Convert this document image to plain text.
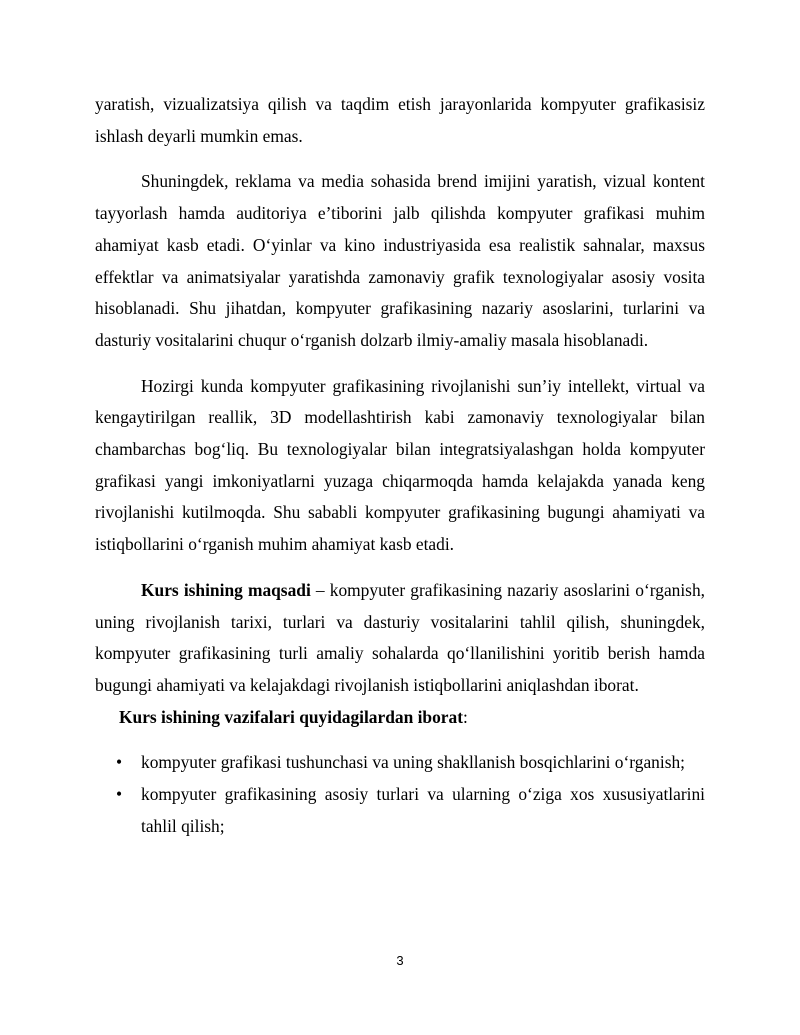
yaratish, vizualizatsiya qilish va taqdim etish jarayonlarida kompyuter grafikasisiz ishlash deyarli mumkin emas.

Shuningdek, reklama va media sohasida brend imijini yaratish, vizual kontent tayyorlash hamda auditoriya e’tiborini jalb qilishda kompyuter grafikasi muhim ahamiyat kasb etadi. O‘yinlar va kino industriyasida esa realistik sahnalar, maxsus effektlar va animatsiyalar yaratishda zamonaviy grafik texnologiyalar asosiy vosita hisoblanadi. Shu jihatdan, kompyuter grafikasining nazariy asoslarini, turlarini va dasturiy vositalarini chuqur o‘rganish dolzarb ilmiy-amaliy masala hisoblanadi.

Hozirgi kunda kompyuter grafikasining rivojlanishi sun’iy intellekt, virtual va kengaytirilgan reallik, 3D modellashtirish kabi zamonaviy texnologiyalar bilan chambarchas bog‘liq. Bu texnologiyalar bilan integratsiyalashgan holda kompyuter grafikasi yangi imkoniyatlarni yuzaga chiqarmoqda hamda kelajakda yanada keng rivojlanishi kutilmoqda. Shu sababli kompyuter grafikasining bugungi ahamiyati va istiqbollarini o‘rganish muhim ahamiyat kasb etadi.

Kurs ishining maqsadi – kompyuter grafikasining nazariy asoslarini o‘rganish, uning rivojlanish tarixi, turlari va dasturiy vositalarini tahlil qilish, shuningdek, kompyuter grafikasining turli amaliy sohalarda qo‘llanilishini yoritib berish hamda bugungi ahamiyati va kelajakdagi rivojlanish istiqbollarini aniqlashdan iborat.

Kurs ishining vazifalari quyidagilardan iborat:

• kompyuter grafikasi tushunchasi va uning shakllanish bosqichlarini o‘rganish;
• kompyuter grafikasining asosiy turlari va ularning o‘ziga xos xususiyatlarini tahlil qilish;
3
